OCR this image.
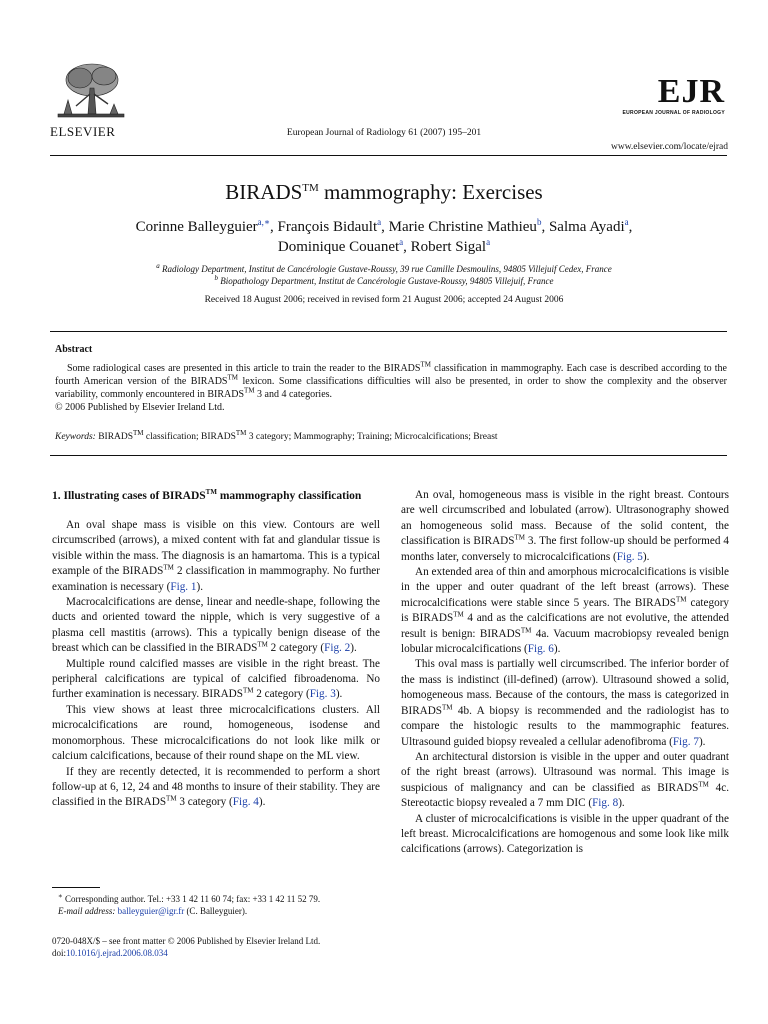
ELSEVIER	European Journal of Radiology 61 (2007) 195–201
EJR
EUROPEAN JOURNAL OF RADIOLOGY
www.elsevier.com/locate/ejrad
BIRADS™ mammography: Exercises
Corinne Balleyguier$^{a,∗}$, François Bidault$^a$, Marie Christine Mathieu$^b$, Salma Ayadi$^a$,
Dominique Couanet$^a$, Robert Sigal$^a$
$^a$ Radiology Department, Institut de Cancérologie Gustave-Roussy, 39 rue Camille Desmoulins, 94805 Villejuif Cedex, France
$^b$ Biopathology Department, Institut de Cancérologie Gustave-Roussy, 94805 Villejuif, France
Received 18 August 2006; received in revised form 21 August 2006; accepted 24 August 2006
Abstract

Some radiological cases are presented in this article to train the reader to the BIRADS™ classification in mammography. Each case is described according to the fourth American version of the BIRADS™ lexicon. Some classifications difficulties will also be presented, in order to show the complexity and the observer variability, commonly encountered in BIRADS™ 3 and 4 categories.

© 2006 Published by Elsevier Ireland Ltd.

Keywords: BIRADS™ classification; BIRADS™ 3 category; Mammography; Training; Microcalcifications; Breast
1. Illustrating cases of BIRADS™ mammography classification

An oval shape mass is visible on this view. Contours are well circumscribed (arrows), a mixed content with fat and glandular tissue is visible within the mass. The diagnosis is an hamartoma. This is a typical example of the BIRADS™ 2 classification in mammography. No further examination is necessary (Fig. 1).

Macrocalcifications are dense, linear and needle-shape, following the ducts and oriented toward the nipple, which is very suggestive of a plasma cell mastitis (arrows). This a typically benign disease of the breast which can be classified in the BIRADS™ 2 category (Fig. 2).

Multiple round calcified masses are visible in the right breast. The peripheral calcifications are typical of calcified fibroadenoma. No further examination is necessary. BIRADS™ 2 category (Fig. 3).

This view shows at least three microcalcifications clusters. All microcalcifications are round, homogeneous, isodense and monomorphous. These microcalcifications do not look like milk or calcium calcifications, because of their round shape on the ML view.

If they are recently detected, it is recommended to perform a short follow-up at 6, 12, 24 and 48 months to insure of their stability. They are classified in the BIRADS™ 3 category (Fig. 4).

An oval, homogeneous mass is visible in the right breast. Contours are well circumscribed and lobulated (arrow). Ultrasonography showed an homogeneous solid mass. Because of the solid content, the classification is BIRADS™ 3. The first follow-up should be performed 4 months later, conversely to microcalcifications (Fig. 5).

An extended area of thin and amorphous microcalcifications is visible in the upper and outer quadrant of the left breast (arrows). These microcalcifications were stable since 5 years. The BIRADS™ category is BIRADS™ 4 and as the calcifications are not evolutive, the attended result is benign: BIRADS™ 4a. Vacuum macrobiopsy revealed benign lobular microcalcifications (Fig. 6).

This oval mass is partially well circumscribed. The inferior border of the mass is indistinct (ill-defined) (arrow). Ultrasound showed a solid, homogeneous mass. Because of the contours, the mass is categorized in BIRADS™ 4b. A biopsy is recommended and the radiologist has to compare the histologic results to the mammographic features. Ultrasound guided biopsy revealed a cellular adenofibroma (Fig. 7).

An architectural distorsion is visible in the upper and outer quadrant of the right breast (arrows). Ultrasound was normal. This image is suspicious of malignancy and can be classified as BIRADS™ 4c. Stereotactic biopsy revealed a 7 mm DIC (Fig. 8).

A cluster of microcalcifications is visible in the upper quadrant of the left breast. Microcalcifications are homogenous and some look like milk calcifications (arrows). Categorization is

∗ Corresponding author. Tel.: +33 1 42 11 60 74; fax: +33 1 42 11 52 79.
E-mail address: balleyguier@igr.fr (C. Balleyguier).
0720-048X/$ – see front matter © 2006 Published by Elsevier Ireland Ltd.
doi:10.1016/j.ejrad.2006.08.034
